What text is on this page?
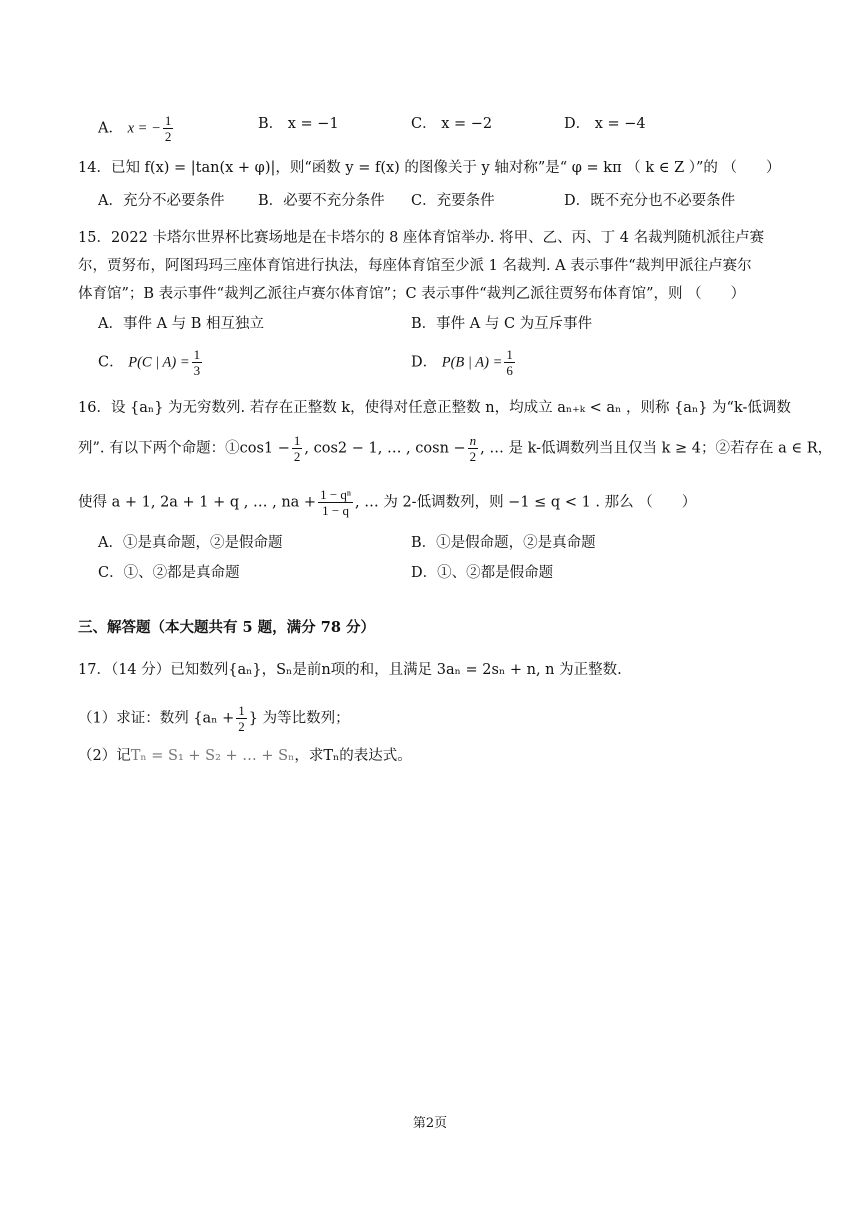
A． x = − $\frac{1}{2}$	B． x = −1	C． x = −2	D． x = −4
14．已知 f(x) = |tan(x + φ)|，则“函数 y = f(x) 的图像关于 y 轴对称”是“ φ = kπ （ k ∈ Z ）”的 （　　）
A．充分不必要条件 B．必要不充分条件 C．充要条件	D．既不充分也不必要条件
15．2022 卡塔尔世界杯比赛场地是在卡塔尔的 8 座体育馆举办. 将甲、乙、丙、丁 4 名裁判随机派往卢赛
尔，贾努布，阿图玛玛三座体育馆进行执法，每座体育馆至少派 1 名裁判. A 表示事件“裁判甲派往卢赛尔
体育馆”；B 表示事件“裁判乙派往卢赛尔体育馆”；C 表示事件“裁判乙派往贾努布体育馆”，则 （　　）
A．事件 A 与 B 相互独立	B．事件 A 与 C 为互斥事件
C． P(C | $A) = \frac{1}{3}$	D． P(B | $A) = \frac{1}{6}$
16．设 {aₙ} 为无穷数列. 若存在正整数 k，使得对任意正整数 n，均成立 aₙ₊ₖ < aₙ ，则称 {aₙ} 为“k-低调数
列”. 有以下两个命题：①cos1 − $\frac{1}{2}$ , cos2 − 1, … , $\cos n - \frac{n}{2}$ , … 是 k-低调数列当且仅当 k ≥ 4；②若存在 a ∈ R，
使得 a + 1, 2a + 1 + q , … , na + $\frac{\text{1 − qⁿ}}{1 - q}$ , … 为 2-低调数列，则 −1 ≤ q < 1 . 那么 （　　）
A．①是真命题，②是假命题	B．①是假命题，②是真命题
C．①、②都是真命题	D．①、②都是假命题
三、解答题（本大题共有 5 题，满分 78 分）
17．（14 分）已知数列{aₙ}，Sₙ是前n项的和，且满足 3aₙ = 2sₙ + n, n 为正整数.
（1）求证：数列 {$a_n + \frac{1}{2}$ } 为等比数列；
（2）记Tₙ = S₁ + S₂ + … + Sₙ，求Tₙ的表达式。
第2页
